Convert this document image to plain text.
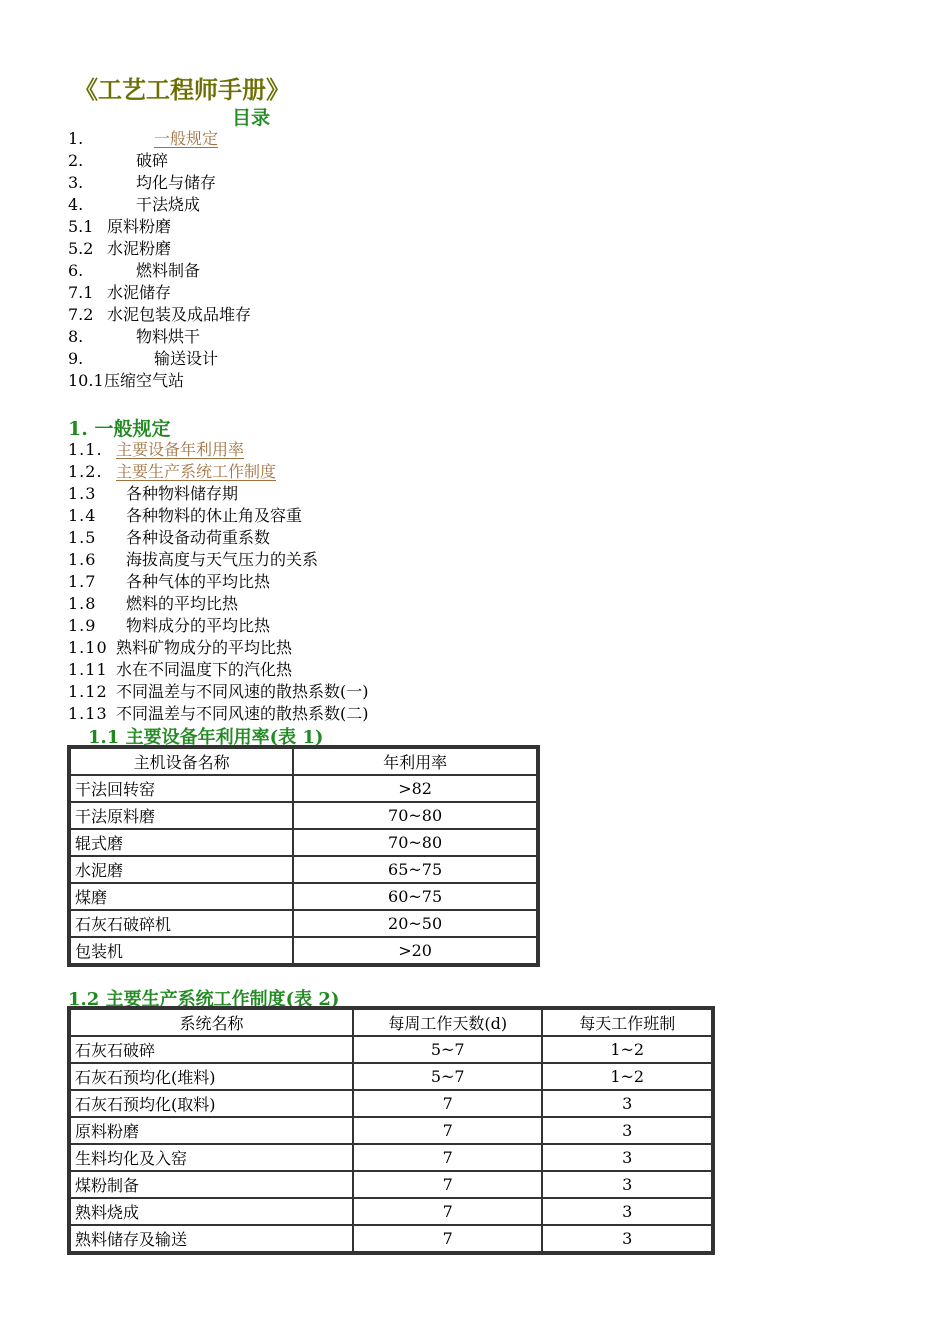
《工艺工程师手册》
目录
1.	一般规定
2.	破碎
3.	均化与储存
4.	干法烧成
5.1 原料粉磨
5.2 水泥粉磨
6.	燃料制备
7.1 水泥储存
7.2 水泥包装及成品堆存
8.	物料烘干
9.	输送设计
10.1 压缩空气站
1. 一般规定
1.1. 主要设备年利用率
1.2. 主要生产系统工作制度
1.3 各种物料储存期
1.4 各种物料的休止角及容重
1.5 各种设备动荷重系数
1.6 海拔高度与天气压力的关系
1.7 各种气体的平均比热
1.8 燃料的平均比热
1.9 物料成分的平均比热
1.10 熟料矿物成分的平均比热
1.11 水在不同温度下的汽化热
1.12 不同温差与不同风速的散热系数(一)
1.13 不同温差与不同风速的散热系数(二)
1.1 主要设备年利用率(表 1)
主机设备名称	年利用率
干法回转窑	>82
干法原料磨	70~80
辊式磨	70~80
水泥磨	65~75
煤磨	60~75
石灰石破碎机	20~50
包装机	>20
1.2 主要生产系统工作制度(表 2)
系统名称	每周工作天数(d)	每天工作班制
石灰石破碎	5~7	1~2
石灰石预均化(堆料)	5~7	1~2
石灰石预均化(取料)	7	3
原料粉磨	7	3
生料均化及入窑	7	3
煤粉制备	7	3
熟料烧成	7	3
熟料储存及输送	7	3
